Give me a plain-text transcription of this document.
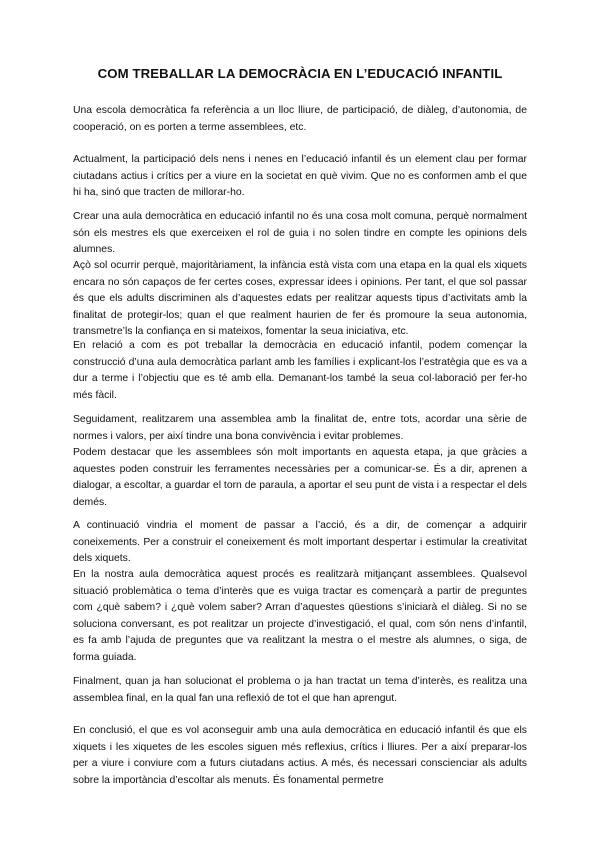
COM TREBALLAR LA DEMOCRÀCIA EN L’EDUCACIÓ INFANTIL

Una escola democràtica fa referència a un lloc lliure, de participació, de diàleg, d’autonomia, de cooperació, on es porten a terme assemblees, etc.

Actualment, la participació dels nens i nenes en l’educació infantil és un element clau per formar ciutadans actius i crítics per a viure en la societat en què vivim. Que no es conformen amb el que hi ha, sinó que tracten de millorar-ho.

Crear una aula democràtica en educació infantil no és una cosa molt comuna, perquè normalment són els mestres els que exerceixen el rol de guia i no solen tindre en compte les opinions dels alumnes.

Açò sol ocurrir perquè, majoritàriament, la infància està vista com una etapa en la qual els xiquets encara no són capaços de fer certes coses, expressar idees i opinions. Per tant, el que sol passar és que els adults discriminen als d’aquestes edats per realitzar aquests tipus d’activitats amb la finalitat de protegir-los; quan el que realment haurien de fer és promoure la seua autonomia, transmetre’ls la confiança en si mateixos, fomentar la seua iniciativa, etc.

En relació a com es pot treballar la democràcia en educació infantil, podem començar la construcció d’una aula democràtica parlant amb les famílies i explicant-los l’estratègia que es va a dur a terme i l’objectiu que es té amb ella. Demanant-los també la seua col·laboració per fer-ho més fàcil.

Seguidament, realitzarem una assemblea amb la finalitat de, entre tots, acordar una sèrie de normes i valors, per així tindre una bona convivència i evitar problemes.

Podem destacar que les assemblees són molt importants en aquesta etapa, ja que gràcies a aquestes poden construir les ferramentes necessàries per a comunicar-se. És a dir, aprenen a dialogar, a escoltar, a guardar el torn de paraula, a aportar el seu punt de vista i a respectar el dels demés.

A continuació vindria el moment de passar a l’acció, és a dir, de començar a adquirir coneixements. Per a construir el coneixement és molt important despertar i estimular la creativitat dels xiquets.

En la nostra aula democràtica aquest procés es realitzarà mitjançant assemblees. Qualsevol situació problemàtica o tema d’interès que es vuiga tractar es començarà a partir de preguntes com ¿què sabem? i ¿què volem saber? Arran d’aquestes qüestions s’iniciarà el diàleg. Si no se soluciona conversant, es pot realitzar un projecte d’investigació, el qual, com són nens d’infantil, es fa amb l’ajuda de preguntes que va realitzant la mestra o el mestre als alumnes, o siga, de forma guiada.

Finalment, quan ja han solucionat el problema o ja han tractat un tema d’interès, es realitza una assemblea final, en la qual fan una reflexió de tot el que han aprengut.

En conclusió, el que es vol aconseguir amb una aula democràtica en educació infantil és que els xiquets i les xiquetes de les escoles siguen més reflexius, crítics i lliures. Per a així preparar-los per a viure i conviure com a futurs ciutadans actius. A més, és necessari conscienciar als adults sobre la importància d’escoltar als menuts. És fonamental permetre
